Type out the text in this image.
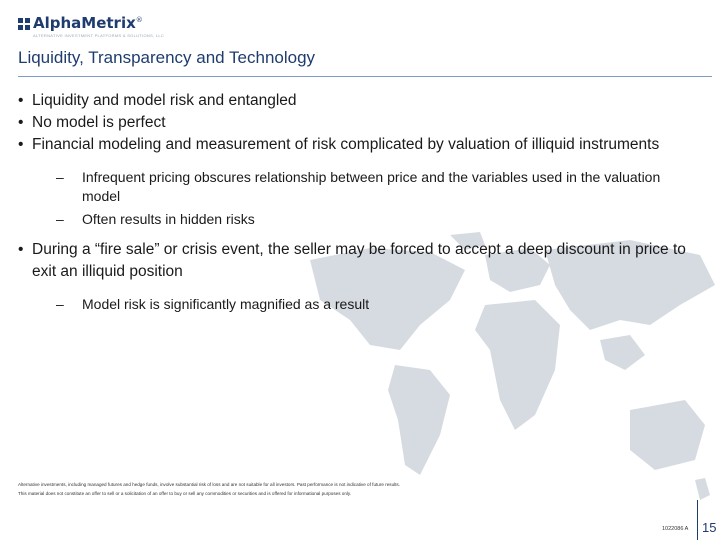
AlphaMetrix®
ALTERNATIVE INVESTMENT PLATFORMS & SOLUTIONS, LLC
Liquidity, Transparency and Technology
• Liquidity and model risk and entangled
• No model is perfect
• Financial modeling and measurement of risk complicated by valuation of illiquid instruments
– Infrequent pricing obscures relationship between price and the variables used in the valuation model
– Often results in hidden risks
• During a “fire sale” or crisis event, the seller may be forced to accept a deep discount in price to exit an illiquid position
– Model risk is significantly magnified as a result
Alternative investments, including managed futures and hedge funds, involve substantial risk of loss and are not suitable for all investors. Past performance is not indicative of future results.
This material does not constitute an offer to sell or a solicitation of an offer to buy or sell any commodities or securities and is offered for informational purposes only.
1022086 A 15
